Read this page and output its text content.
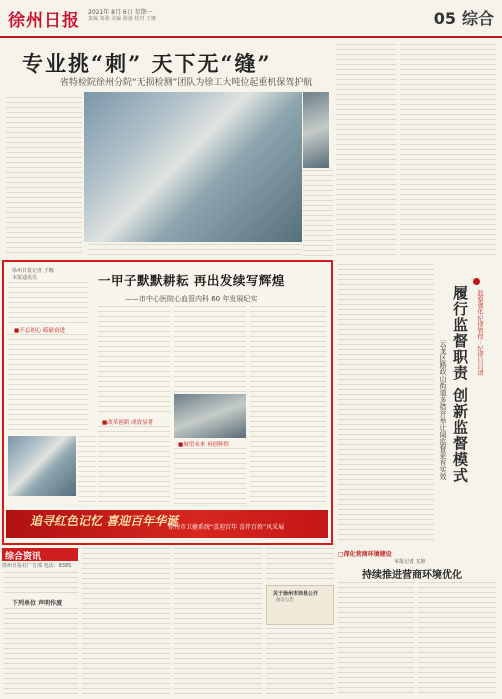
徐州日报 2021年 8月 6日 星期一
责编 秦强 美编 陈强 校对 王娜	05 综合
专业挑“刺” 天下无“缝”
省特检院徐州分院“无损检测”团队为徐工大吨位起重机保驾护航
徐州日报记者 王娜
本报通讯员	一甲子默默耕耘 再出发续写辉煌
——市中心医院心血管内科 60 年发展纪实
■不忘初心 砥砺奋进
■改革创新 成效显著
■展望未来 再创辉煌
追寻红色记忆 喜迎百年华诞
徐州市卫健系统“喜迎百年 喜伴百姓”风采展
监察强化·纪律管控 · 纪律日日清
履行监督职责 创新监督模式
云龙区路政山街道多措并举让闻监督更有实效
综合资讯
徐州日报社广告部 电话：8385
下列单位 声明作废
关于徐州市沛县公开
拍卖公告
□深化营商环境建设
本报记者 尤婷
持续推进营商环境优化
